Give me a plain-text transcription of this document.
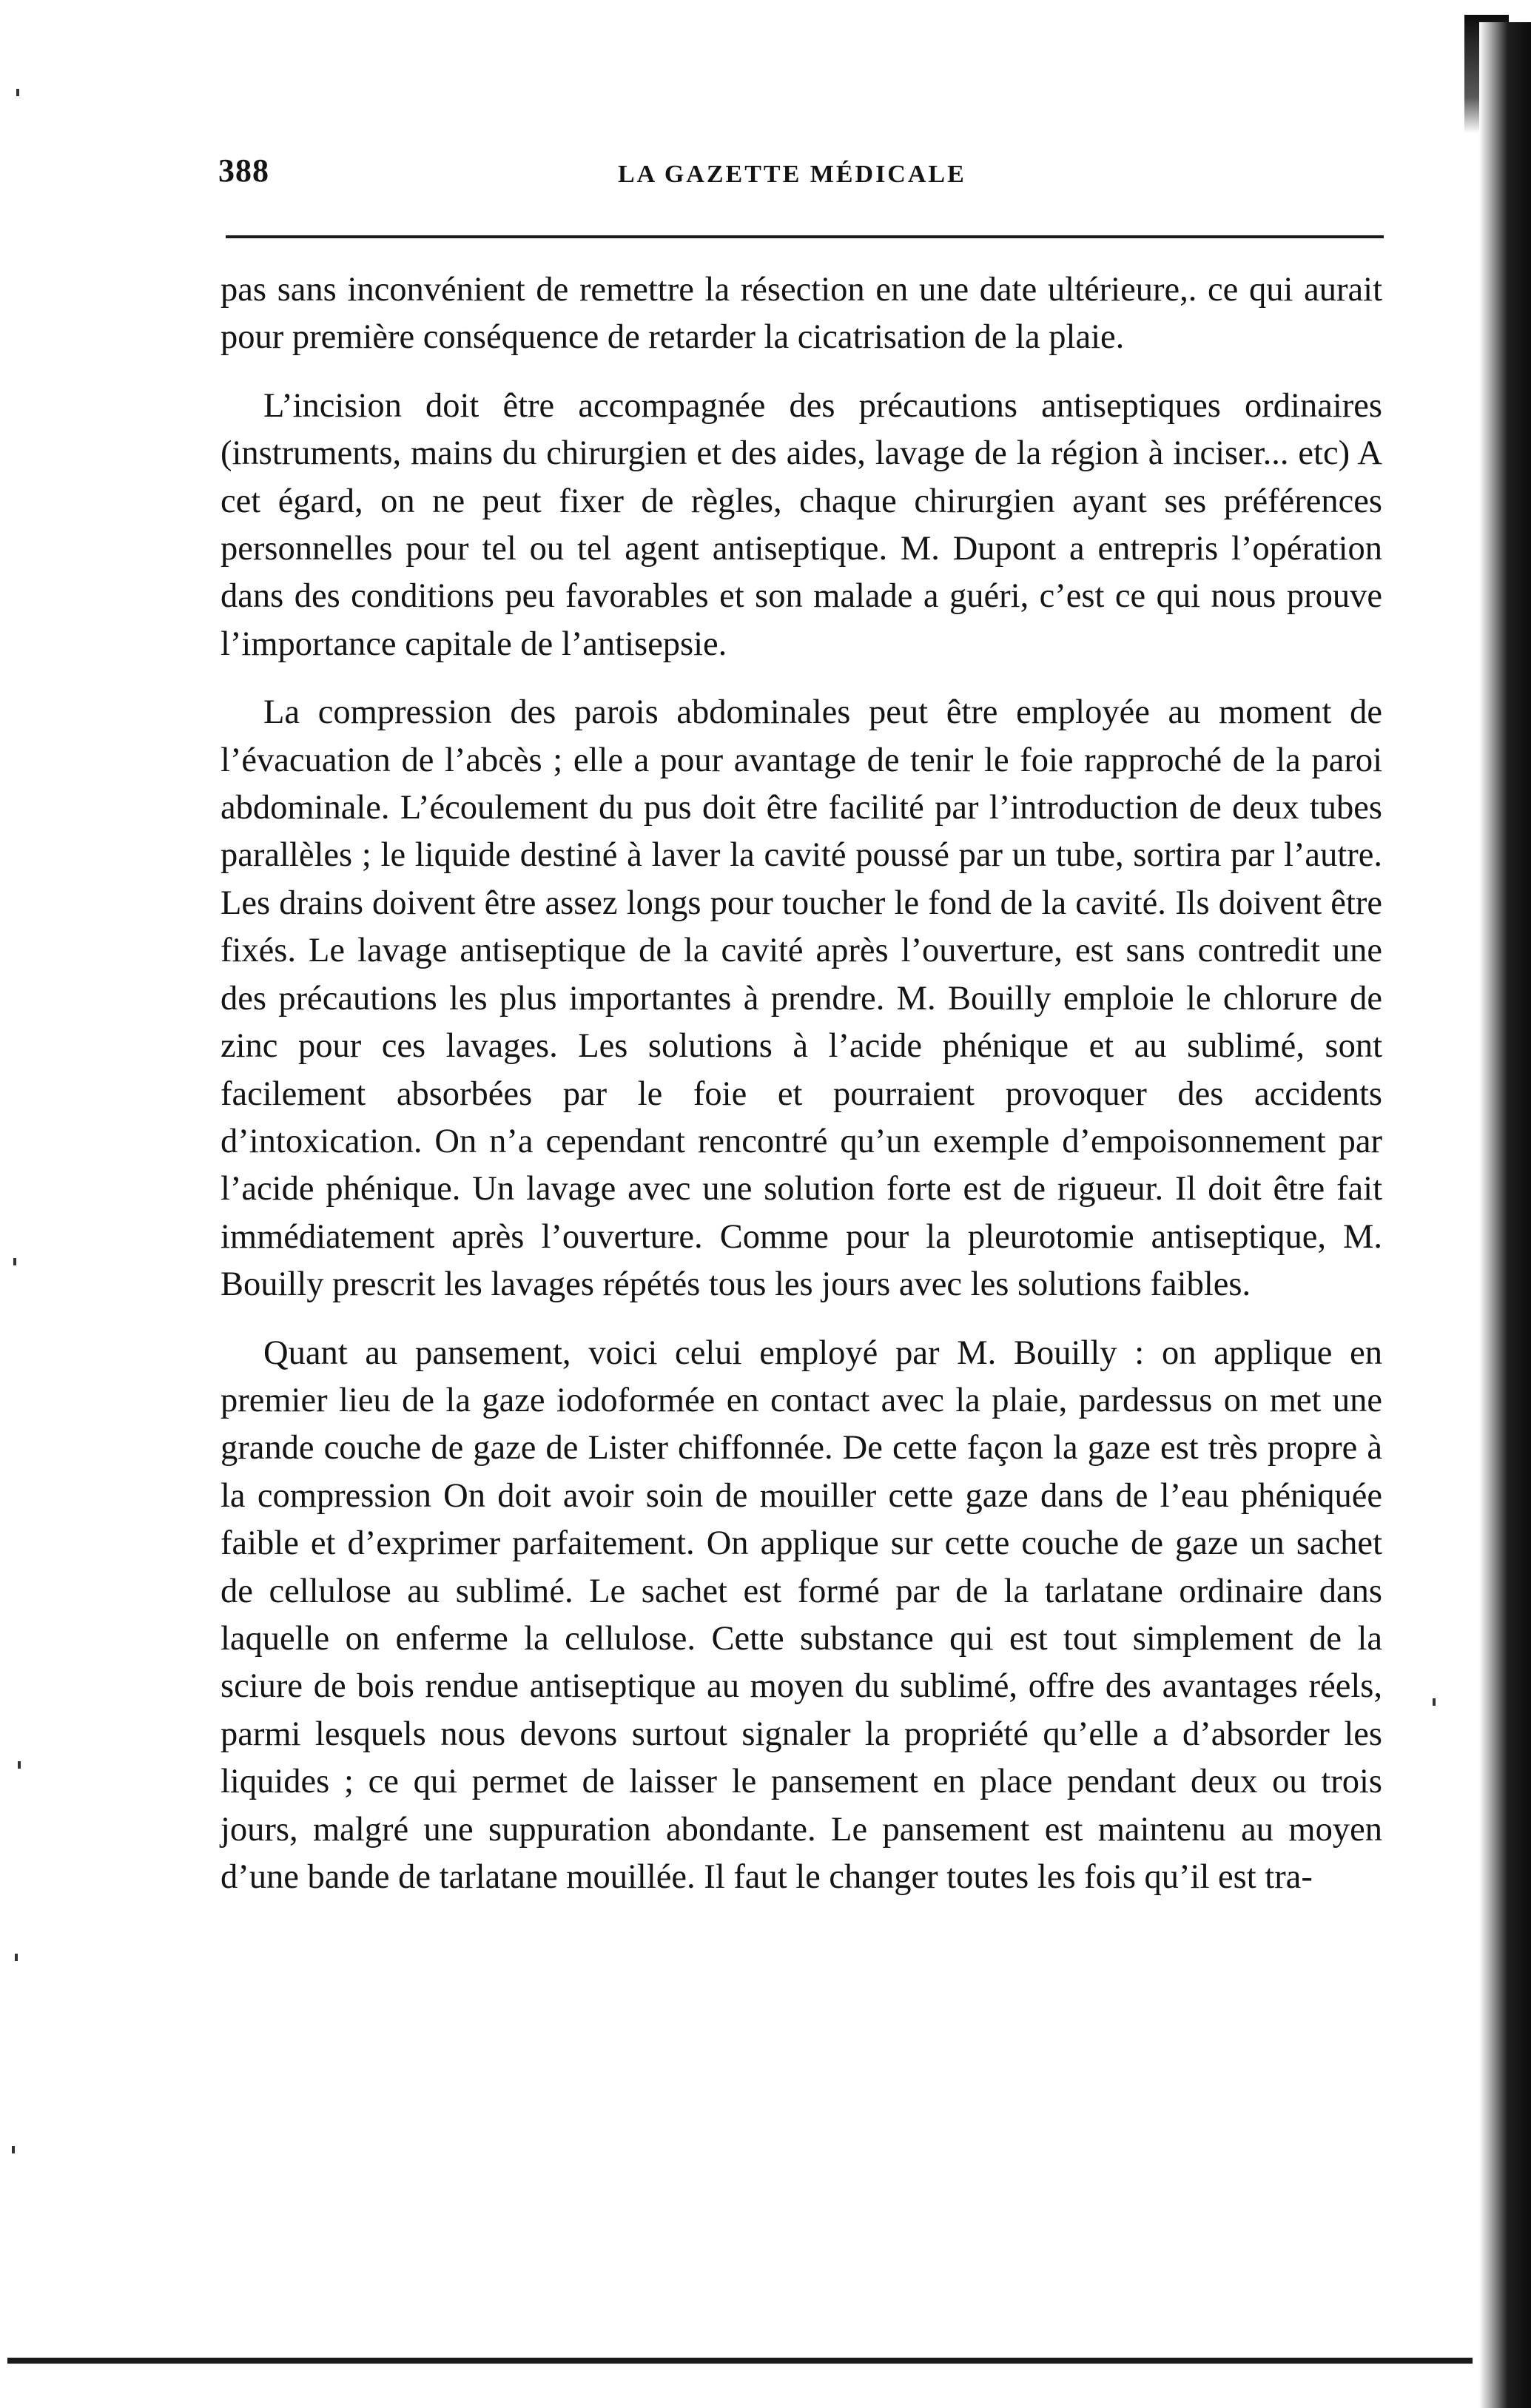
388	LA GAZETTE MÉDICALE

pas sans inconvénient de remettre la résection en une date ultérieure,. ce qui aurait pour première conséquence de retarder la cicatrisation de la plaie.

L’incision doit être accompagnée des précautions antiseptiques ordinaires (instruments, mains du chirurgien et des aides, lavage de la région à inciser... etc) A cet égard, on ne peut fixer de règles, chaque chirurgien ayant ses préférences personnelles pour tel ou tel agent antiseptique. M. Dupont a entrepris l’opération dans des conditions peu favorables et son malade a guéri, c’est ce qui nous prouve l’importance capitale de l’antisepsie.

La compression des parois abdominales peut être employée au moment de l’évacuation de l’abcès ; elle a pour avantage de tenir le foie rapproché de la paroi abdominale. L’écoulement du pus doit être facilité par l’introduction de deux tubes parallèles ; le liquide destiné à laver la cavité poussé par un tube, sortira par l’autre. Les drains doivent être assez longs pour toucher le fond de la cavité. Ils doivent être fixés. Le lavage antiseptique de la cavité après l’ouverture, est sans contredit une des précautions les plus importantes à prendre. M. Bouilly emploie le chlorure de zinc pour ces lavages. Les solutions à l’acide phénique et au sublimé, sont facilement absorbées par le foie et pourraient provoquer des accidents d’intoxication. On n’a cependant rencontré qu’un exemple d’empoisonnement par l’acide phénique. Un lavage avec une solution forte est de rigueur. Il doit être fait immédiatement après l’ouverture. Comme pour la pleurotomie antiseptique, M. Bouilly prescrit les lavages répétés tous les jours avec les solutions faibles.

Quant au pansement, voici celui employé par M. Bouilly : on applique en premier lieu de la gaze iodoformée en contact avec la plaie, pardessus on met une grande couche de gaze de Lister chiffonnée. De cette façon la gaze est très propre à la compression On doit avoir soin de mouiller cette gaze dans de l’eau phéniquée faible et d’exprimer parfaitement. On applique sur cette couche de gaze un sachet de cellulose au sublimé. Le sachet est formé par de la tarlatane ordinaire dans laquelle on enferme la cellulose. Cette substance qui est tout simplement de la sciure de bois rendue antiseptique au moyen du sublimé, offre des avantages réels, parmi lesquels nous devons surtout signaler la propriété qu’elle a d’absorder les liquides ; ce qui permet de laisser le pansement en place pendant deux ou trois jours, malgré une suppuration abondante. Le pansement est maintenu au moyen d’une bande de tarlatane mouillée. Il faut le changer toutes les fois qu’il est tra-
